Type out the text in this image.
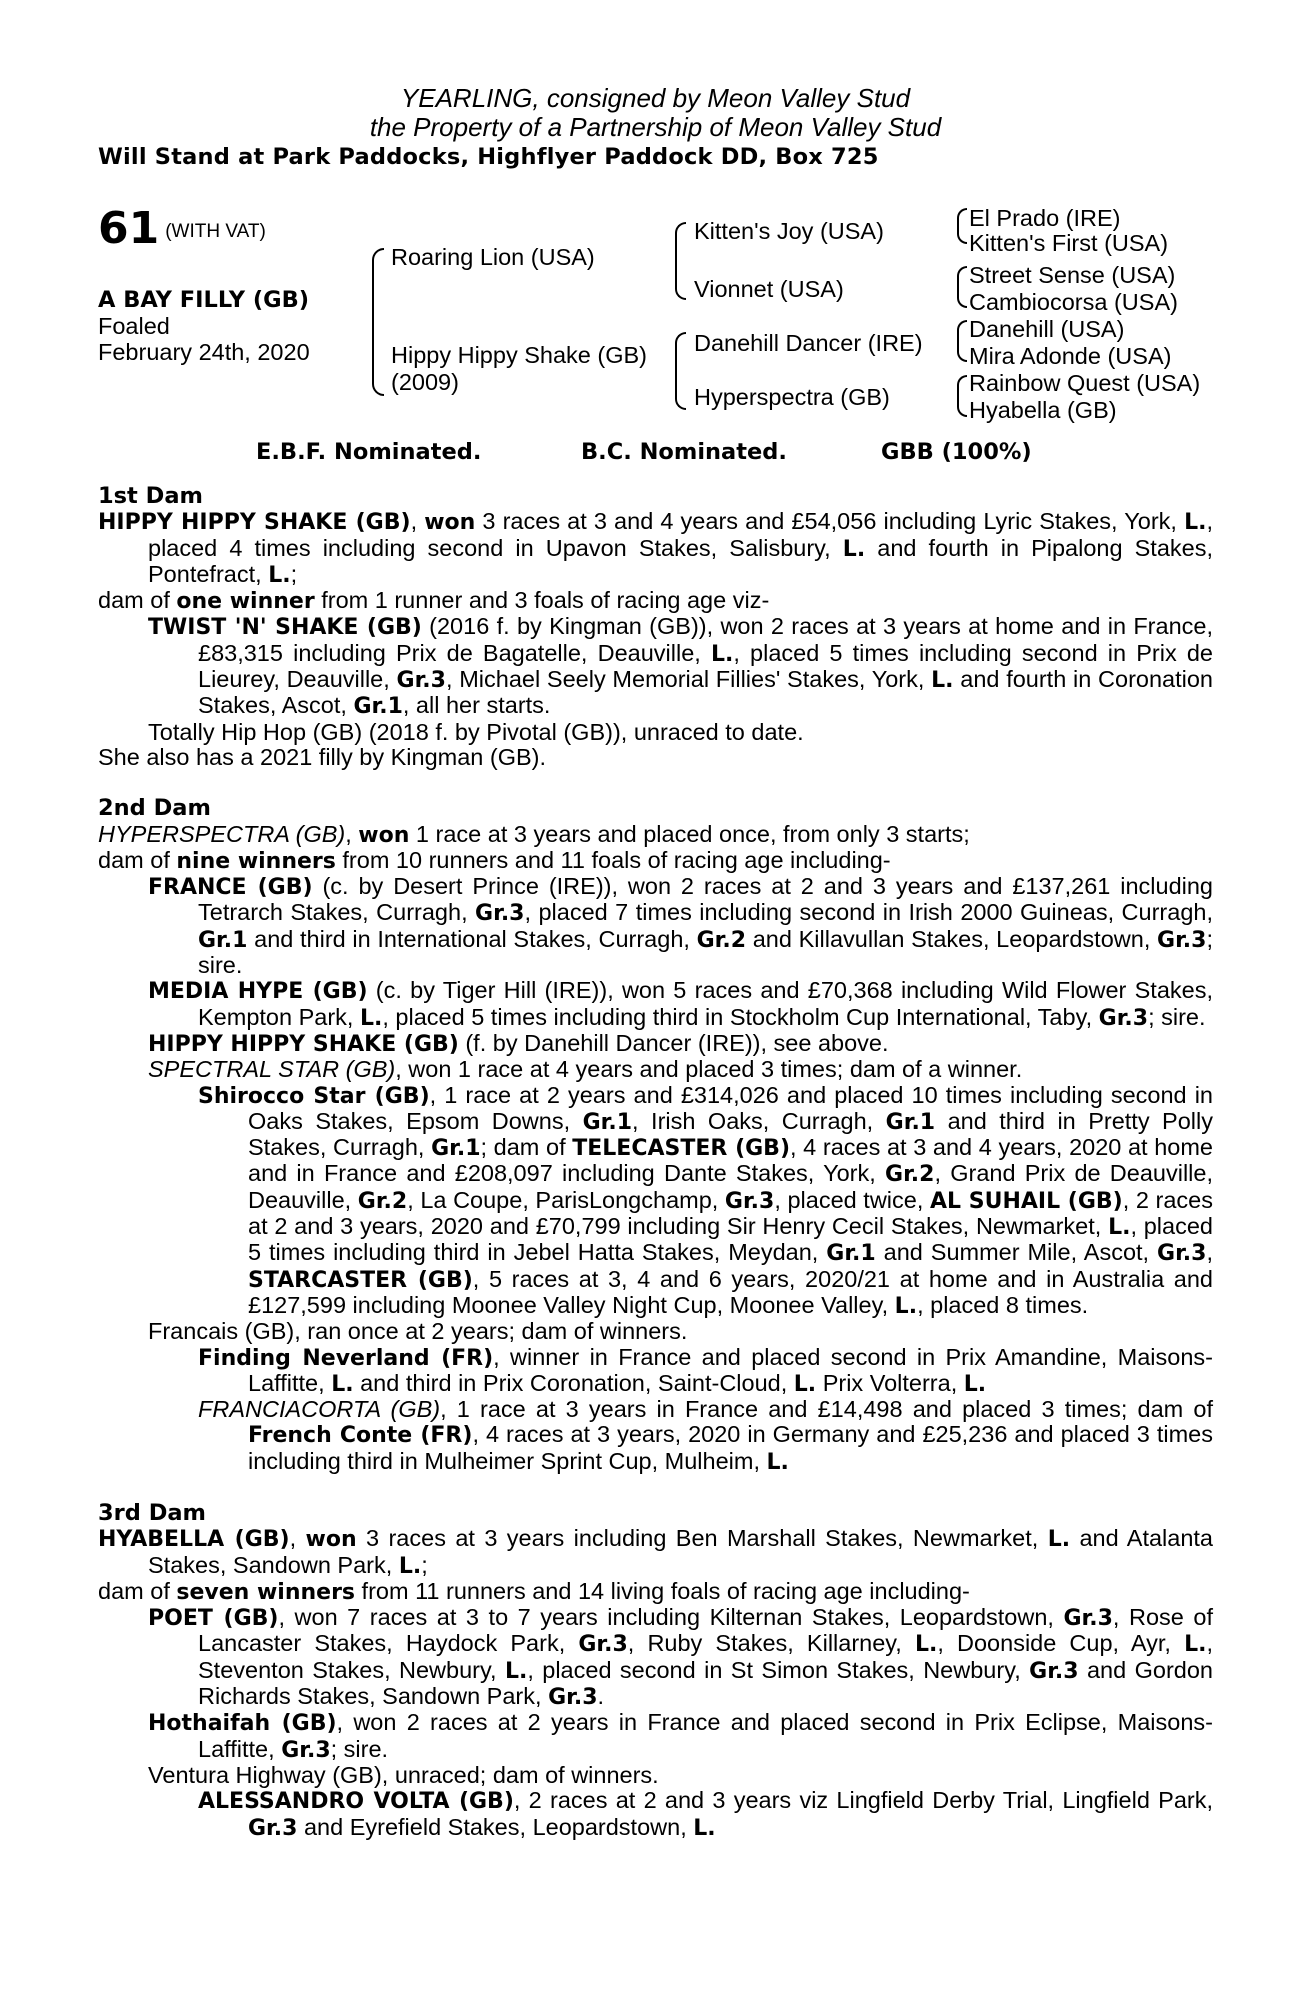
YEARLING, consigned by Meon Valley Stud
the Property of a Partnership of Meon Valley Stud
Will Stand at Park Paddocks, Highflyer Paddock DD, Box 725
61 (WITH VAT)
A BAY FILLY (GB)
Foaled
February 24th, 2020
Roaring Lion (USA)
Hippy Hippy Shake (GB)
(2009)
Kitten's Joy (USA)
Vionnet (USA)
Danehill Dancer (IRE)
Hyperspectra (GB)
El Prado (IRE)
Kitten's First (USA)
Street Sense (USA)
Cambiocorsa (USA)
Danehill (USA)
Mira Adonde (USA)
Rainbow Quest (USA)
Hyabella (GB)
E.B.F. Nominated.	B.C. Nominated.	GBB (100%)
1st Dam
HIPPY HIPPY SHAKE (GB), won 3 races at 3 and 4 years and £54,056 including Lyric Stakes, York, L., placed 4 times including second in Upavon Stakes, Salisbury, L. and fourth in Pipalong Stakes, Pontefract, L.;
dam of one winner from 1 runner and 3 foals of racing age viz-
TWIST 'N' SHAKE (GB) (2016 f. by Kingman (GB)), won 2 races at 3 years at home and in France, £83,315 including Prix de Bagatelle, Deauville, L., placed 5 times including second in Prix de Lieurey, Deauville, Gr.3, Michael Seely Memorial Fillies' Stakes, York, L. and fourth in Coronation Stakes, Ascot, Gr.1, all her starts.
Totally Hip Hop (GB) (2018 f. by Pivotal (GB)), unraced to date.
She also has a 2021 filly by Kingman (GB).
2nd Dam
HYPERSPECTRA (GB), won 1 race at 3 years and placed once, from only 3 starts;
dam of nine winners from 10 runners and 11 foals of racing age including-
FRANCE (GB) (c. by Desert Prince (IRE)), won 2 races at 2 and 3 years and £137,261 including Tetrarch Stakes, Curragh, Gr.3, placed 7 times including second in Irish 2000 Guineas, Curragh, Gr.1 and third in International Stakes, Curragh, Gr.2 and Killavullan Stakes, Leopardstown, Gr.3; sire.
MEDIA HYPE (GB) (c. by Tiger Hill (IRE)), won 5 races and £70,368 including Wild Flower Stakes, Kempton Park, L., placed 5 times including third in Stockholm Cup International, Taby, Gr.3; sire.
HIPPY HIPPY SHAKE (GB) (f. by Danehill Dancer (IRE)), see above.
SPECTRAL STAR (GB), won 1 race at 4 years and placed 3 times; dam of a winner.
Shirocco Star (GB), 1 race at 2 years and £314,026 and placed 10 times including second in Oaks Stakes, Epsom Downs, Gr.1, Irish Oaks, Curragh, Gr.1 and third in Pretty Polly Stakes, Curragh, Gr.1; dam of TELECASTER (GB), 4 races at 3 and 4 years, 2020 at home and in France and £208,097 including Dante Stakes, York, Gr.2, Grand Prix de Deauville, Deauville, Gr.2, La Coupe, ParisLongchamp, Gr.3, placed twice, AL SUHAIL (GB), 2 races at 2 and 3 years, 2020 and £70,799 including Sir Henry Cecil Stakes, Newmarket, L., placed 5 times including third in Jebel Hatta Stakes, Meydan, Gr.1 and Summer Mile, Ascot, Gr.3, STARCASTER (GB), 5 races at 3, 4 and 6 years, 2020/21 at home and in Australia and £127,599 including Moonee Valley Night Cup, Moonee Valley, L., placed 8 times.
Francais (GB), ran once at 2 years; dam of winners.
Finding Neverland (FR), winner in France and placed second in Prix Amandine, Maisons-Laffitte, L. and third in Prix Coronation, Saint-Cloud, L. Prix Volterra, L.
FRANCIACORTA (GB), 1 race at 3 years in France and £14,498 and placed 3 times; dam of French Conte (FR), 4 races at 3 years, 2020 in Germany and £25,236 and placed 3 times including third in Mulheimer Sprint Cup, Mulheim, L.
3rd Dam
HYABELLA (GB), won 3 races at 3 years including Ben Marshall Stakes, Newmarket, L. and Atalanta Stakes, Sandown Park, L.;
dam of seven winners from 11 runners and 14 living foals of racing age including-
POET (GB), won 7 races at 3 to 7 years including Kilternan Stakes, Leopardstown, Gr.3, Rose of Lancaster Stakes, Haydock Park, Gr.3, Ruby Stakes, Killarney, L., Doonside Cup, Ayr, L., Steventon Stakes, Newbury, L., placed second in St Simon Stakes, Newbury, Gr.3 and Gordon Richards Stakes, Sandown Park, Gr.3.
Hothaifah (GB), won 2 races at 2 years in France and placed second in Prix Eclipse, Maisons-Laffitte, Gr.3; sire.
Ventura Highway (GB), unraced; dam of winners.
ALESSANDRO VOLTA (GB), 2 races at 2 and 3 years viz Lingfield Derby Trial, Lingfield Park, Gr.3 and Eyrefield Stakes, Leopardstown, L.
